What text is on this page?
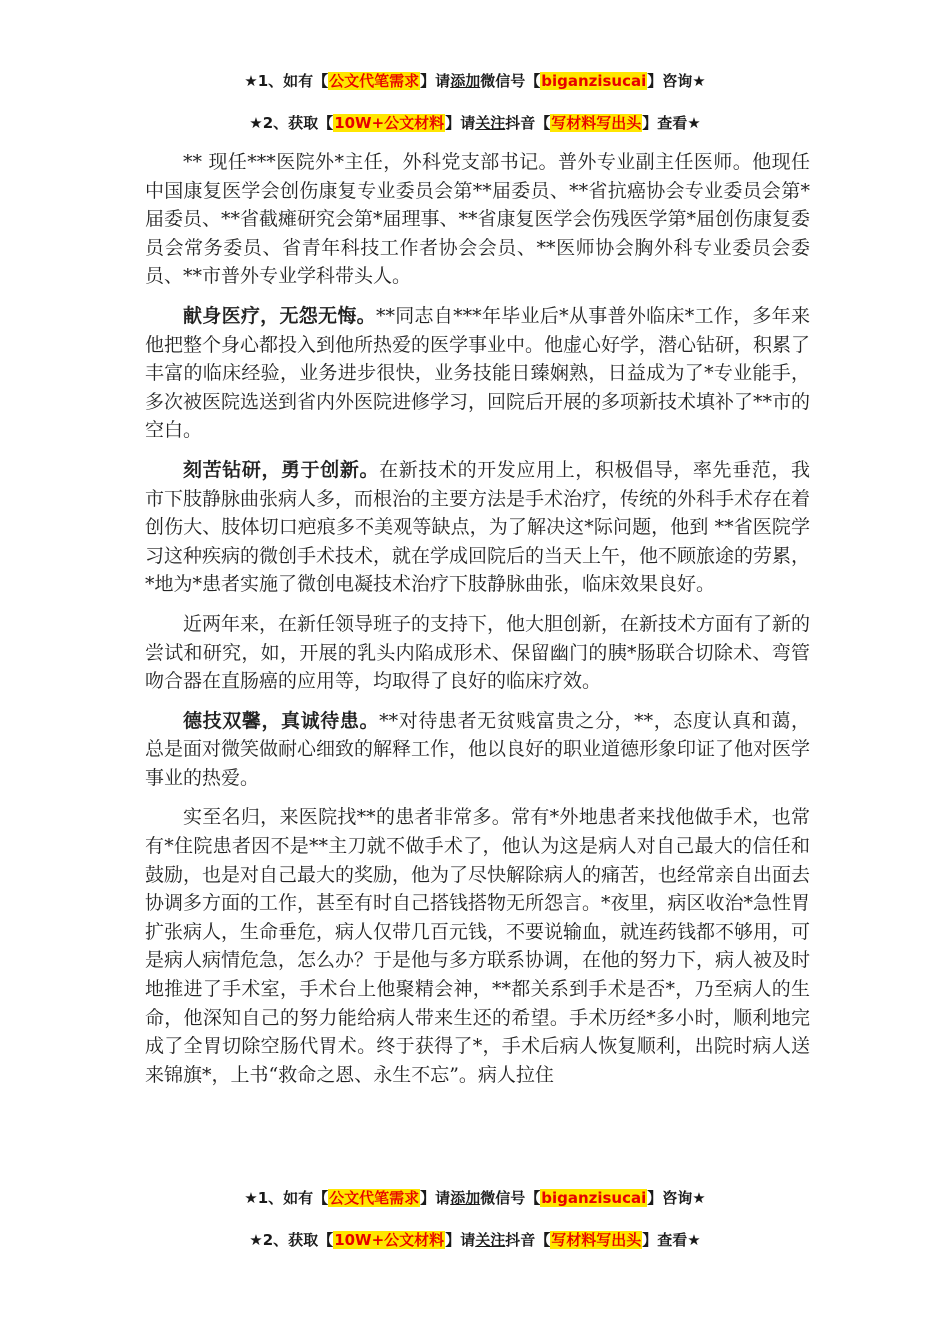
★1、如有【公文代笔需求】请添加微信号【biganzisucai】咨询★
★2、获取【10W+公文材料】请关注抖音【写材料写出头】查看★

** 现任***医院外*主任，外科党支部书记。普外专业副主任医师。他现任中国康复医学会创伤康复专业委员会第**届委员、**省抗癌协会专业委员会第*届委员、**省截瘫研究会第*届理事、**省康复医学会伤残医学第*届创伤康复委员会常务委员、省青年科技工作者协会会员、**医师协会胸外科专业委员会委员、**市普外专业学科带头人。

献身医疗，无怨无悔。**同志自***年毕业后*从事普外临床*工作，多年来他把整个身心都投入到他所热爱的医学事业中。他虚心好学，潜心钻研，积累了丰富的临床经验，业务进步很快，业务技能日臻娴熟，日益成为了*专业能手，多次被医院选送到省内外医院进修学习，回院后开展的多项新技术填补了**市的空白。

刻苦钻研，勇于创新。在新技术的开发应用上，积极倡导，率先垂范，我市下肢静脉曲张病人多，而根治的主要方法是手术治疗，传统的外科手术存在着创伤大、肢体切口疤痕多不美观等缺点，为了解决这*际问题，他到 **省医院学习这种疾病的微创手术技术，就在学成回院后的当天上午，他不顾旅途的劳累，*地为*患者实施了微创电凝技术治疗下肢静脉曲张，临床效果良好。

近两年来，在新任领导班子的支持下，他大胆创新，在新技术方面有了新的尝试和研究，如，开展的乳头内陷成形术、保留幽门的胰*肠联合切除术、弯管吻合器在直肠癌的应用等，均取得了良好的临床疗效。

德技双馨，真诚待患。**对待患者无贫贱富贵之分，**，态度认真和蔼，总是面对微笑做耐心细致的解释工作，他以良好的职业道德形象印证了他对医学事业的热爱。

实至名归，来医院找**的患者非常多。常有*外地患者来找他做手术，也常有*住院患者因不是**主刀就不做手术了，他认为这是病人对自己最大的信任和鼓励，也是对自己最大的奖励，他为了尽快解除病人的痛苦，也经常亲自出面去协调多方面的工作，甚至有时自己搭钱搭物无所怨言。*夜里，病区收治*急性胃扩张病人，生命垂危，病人仅带几百元钱，不要说输血，就连药钱都不够用，可是病人病情危急，怎么办？于是他与多方联系协调，在他的努力下，病人被及时地推进了手术室，手术台上他聚精会神，**都关系到手术是否*，乃至病人的生命，他深知自己的努力能给病人带来生还的希望。手术历经*多小时，顺利地完成了全胃切除空肠代胃术。终于获得了*，手术后病人恢复顺利，出院时病人送来锦旗*，上书“救命之恩、永生不忘”。病人拉住

★1、如有【公文代笔需求】请添加微信号【biganzisucai】咨询★
★2、获取【10W+公文材料】请关注抖音【写材料写出头】查看★
